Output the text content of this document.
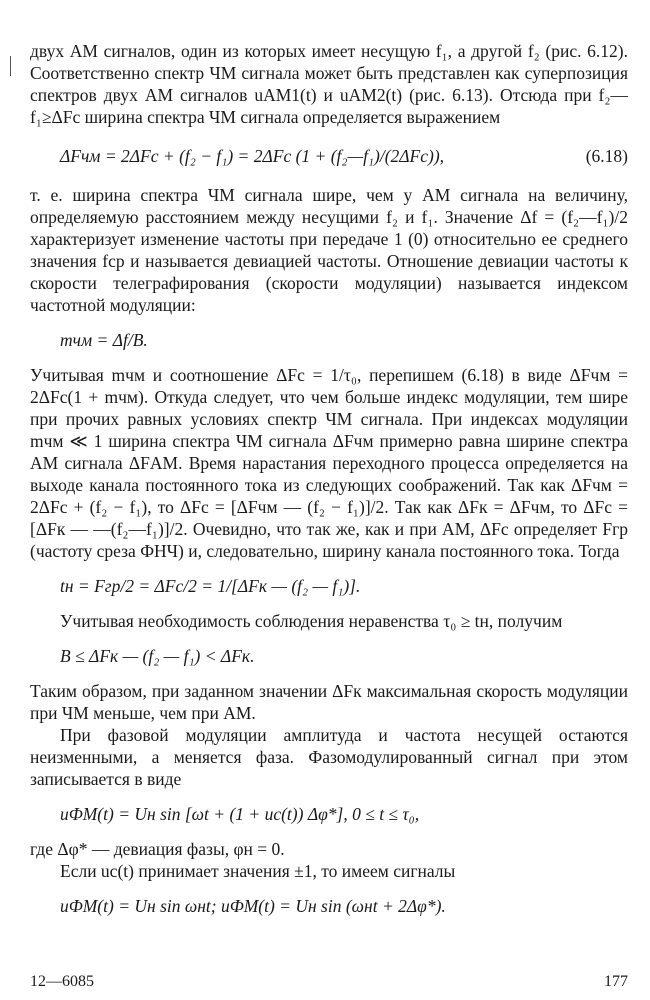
двух АМ сигналов, один из которых имеет несущую f₁, а другой f₂ (рис. 6.12). Соответственно спектр ЧМ сигнала может быть представлен как суперпозиция спектров двух АМ сигналов uAM1(t) и uAM2(t) (рис. 6.13). Отсюда при f₂—f₁≥ΔFс ширина спектра ЧМ сигнала определяется выражением

ΔFчм = 2ΔFс + (f₂ − f₁) = 2ΔFс (1 + (f₂—f₁)/(2ΔFс)),	(6.18)

т. е. ширина спектра ЧМ сигнала шире, чем у АМ сигнала на величину, определяемую расстоянием между несущими f₂ и f₁. Значение Δf = (f₂—f₁)/2 характеризует изменение частоты при передаче 1 (0) относительно ее среднего значения fср и называется девиацией частоты. Отношение девиации частоты к скорости телеграфирования (скорости модуляции) называется индексом частотной модуляции:

mчм = Δf/B.

Учитывая mчм и соотношение ΔFс = 1/τ₀, перепишем (6.18) в виде ΔFчм = 2ΔFс(1 + mчм). Откуда следует, что чем больше индекс модуляции, тем шире при прочих равных условиях спектр ЧМ сигнала. При индексах модуляции mчм ≪ 1 ширина спектра ЧМ сигнала ΔFчм примерно равна ширине спектра АМ сигнала ΔFАМ. Время нарастания переходного процесса определяется на выходе канала постоянного тока из следующих соображений. Так как ΔFчм = 2ΔFс + (f₂ − f₁), то ΔFс = [ΔFчм — (f₂ − f₁)]/2. Так как ΔFк = ΔFчм, то ΔFс = [ΔFк — —(f₂—f₁)]/2. Очевидно, что так же, как и при АМ, ΔFс определяет Fгр (частоту среза ФНЧ) и, следовательно, ширину канала постоянного тока. Тогда

tн = Fгр/2 = ΔFс/2 = 1/[ΔFк — (f₂ — f₁)].

Учитывая необходимость соблюдения неравенства τ₀ ≥ tн, получим

B ≤ ΔFк — (f₂ — f₁) < ΔFк.

Таким образом, при заданном значении ΔFк максимальная скорость модуляции при ЧМ меньше, чем при АМ.

При фазовой модуляции амплитуда и частота несущей остаются неизменными, а меняется фаза. Фазомодулированный сигнал при этом записывается в виде

uФМ(t) = Uн sin [ωt + (1 + uс(t)) Δφ*], 0 ≤ t ≤ τ₀,

где Δφ* — девиация фазы, φн = 0.

Если uс(t) принимает значения ±1, то имеем сигналы

uФМ(t) = Uн sin ωнt; uФМ(t) = Uн sin (ωнt + 2Δφ*).
12—6085	177
